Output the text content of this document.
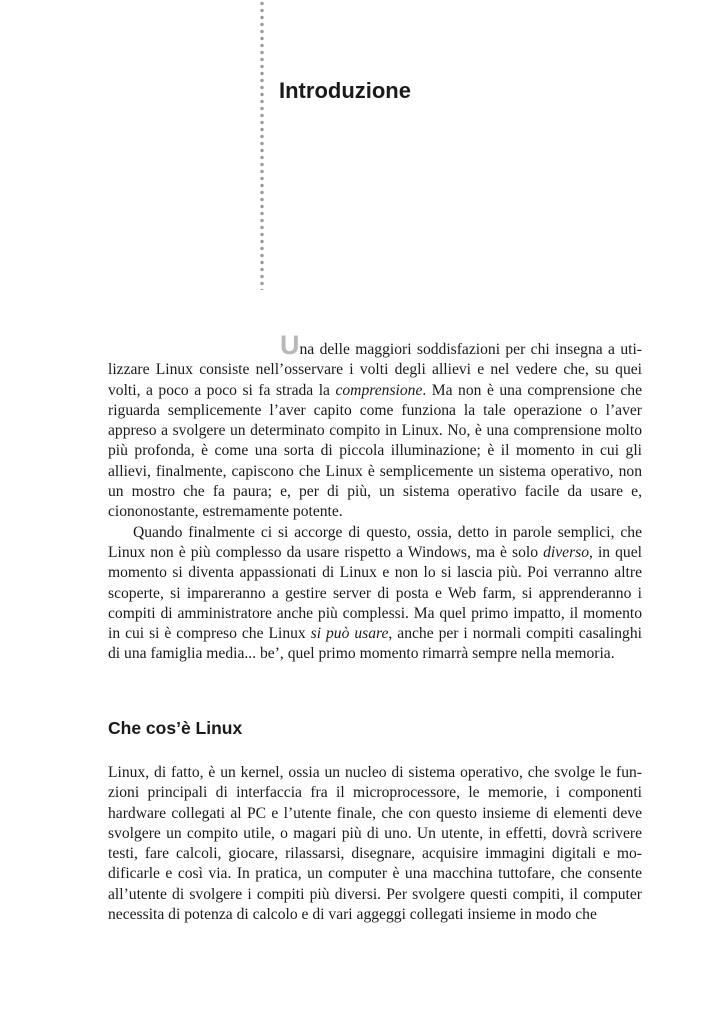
Introduzione

Una delle maggiori soddisfazioni per chi insegna a utilizzare Linux consiste nell’osservare i volti degli allievi e nel vedere che, su quei volti, a poco a poco si fa strada la comprensione. Ma non è una comprensione che riguarda semplicemente l’aver capito come funziona la tale operazione o l’aver appreso a svolgere un determinato compito in Linux. No, è una comprensione molto più profonda, è come una sorta di piccola illuminazione; è il momento in cui gli allievi, finalmente, capiscono che Linux è semplicemente un sistema operativo, non un mostro che fa paura; e, per di più, un sistema operativo facile da usare e, ciononostante, estremamente potente.

Quando finalmente ci si accorge di questo, ossia, detto in parole semplici, che Linux non è più complesso da usare rispetto a Windows, ma è solo diverso, in quel momento si diventa appassionati di Linux e non lo si lascia più. Poi verranno altre scoperte, si impareranno a gestire server di posta e Web farm, si apprenderanno i compiti di amministratore anche più complessi. Ma quel primo impatto, il momento in cui si è compreso che Linux si può usare, anche per i normali compiti casalinghi di una famiglia media... be’, quel primo momento rimarrà sempre nella memoria.

Che cos’è Linux

Linux, di fatto, è un kernel, ossia un nucleo di sistema operativo, che svolge le funzioni principali di interfaccia fra il microprocessore, le memorie, i componenti hardware collegati al PC e l’utente finale, che con questo insieme di elementi deve svolgere un compito utile, o magari più di uno. Un utente, in effetti, dovrà scrivere testi, fare calcoli, giocare, rilassarsi, disegnare, acquisire immagini digitali e modificarle e così via. In pratica, un computer è una macchina tuttofare, che consente all’utente di svolgere i compiti più diversi. Per svolgere questi compiti, il computer necessita di potenza di calcolo e di vari aggeggi collegati insieme in modo che
